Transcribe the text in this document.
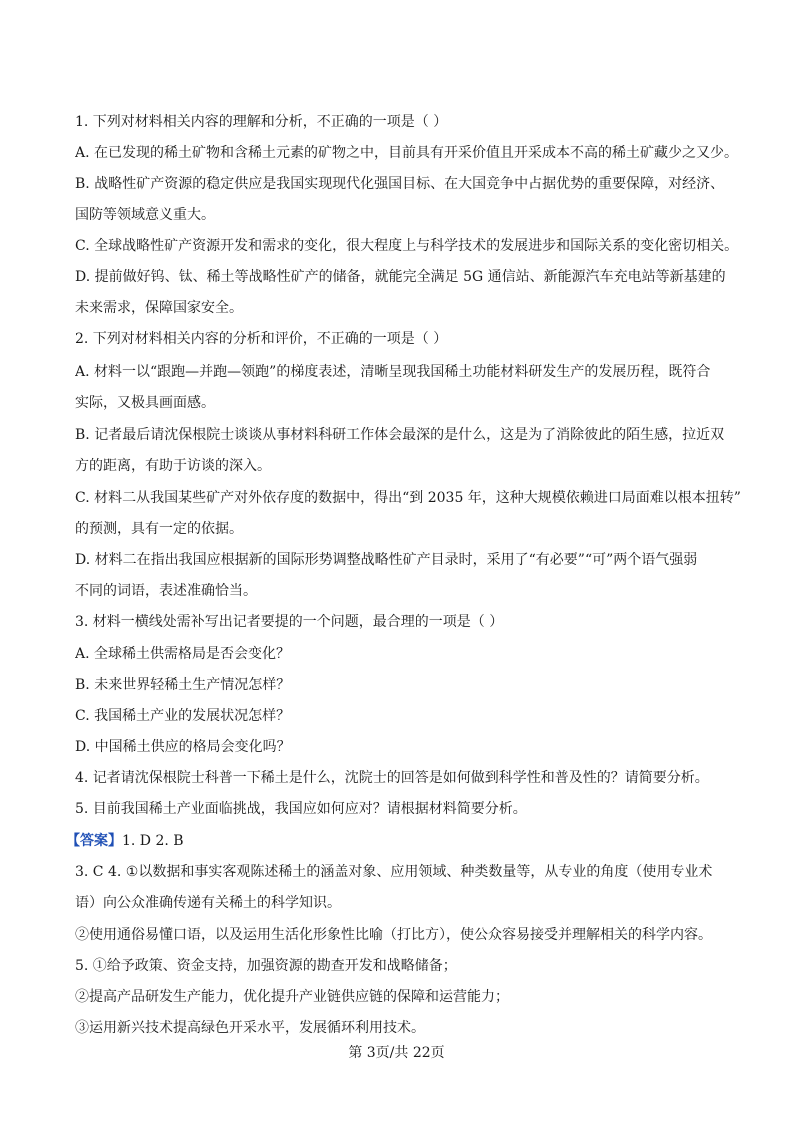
1. 下列对材料相关内容的理解和分析，不正确的一项是（ ）
A. 在已发现的稀土矿物和含稀土元素的矿物之中，目前具有开采价值且开采成本不高的稀土矿藏少之又少。
B. 战略性矿产资源的稳定供应是我国实现现代化强国目标、在大国竞争中占据优势的重要保障，对经济、
国防等领域意义重大。
C. 全球战略性矿产资源开发和需求的变化，很大程度上与科学技术的发展进步和国际关系的变化密切相关。
D. 提前做好钨、钛、稀土等战略性矿产的储备，就能完全满足 5G 通信站、新能源汽车充电站等新基建的
未来需求，保障国家安全。
2. 下列对材料相关内容的分析和评价，不正确的一项是（ ）
A. 材料一以“跟跑—并跑—领跑”的梯度表述，清晰呈现我国稀土功能材料研发生产的发展历程，既符合
实际，又极具画面感。
B. 记者最后请沈保根院士谈谈从事材料科研工作体会最深的是什么，这是为了消除彼此的陌生感，拉近双
方的距离，有助于访谈的深入。
C. 材料二从我国某些矿产对外依存度的数据中，得出“到 2035 年，这种大规模依赖进口局面难以根本扭转”
的预测，具有一定的依据。
D. 材料二在指出我国应根据新的国际形势调整战略性矿产目录时，采用了“有必要”“可”两个语气强弱
不同的词语，表述准确恰当。
3. 材料一横线处需补写出记者要提的一个问题，最合理的一项是（ ）
A. 全球稀土供需格局是否会变化？
B. 未来世界轻稀土生产情况怎样？
C. 我国稀土产业的发展状况怎样？
D. 中国稀土供应的格局会变化吗？
4. 记者请沈保根院士科普一下稀土是什么，沈院士的回答是如何做到科学性和普及性的？请简要分析。
5. 目前我国稀土产业面临挑战，我国应如何应对？请根据材料简要分析。
【答案】1. D 2. B
3. C 4. ①以数据和事实客观陈述稀土的涵盖对象、应用领域、种类数量等，从专业的角度（使用专业术
语）向公众准确传递有关稀土的科学知识。
②使用通俗易懂口语，以及运用生活化形象性比喻（打比方），使公众容易接受并理解相关的科学内容。
5. ①给予政策、资金支持，加强资源的勘查开发和战略储备；
②提高产品研发生产能力，优化提升产业链供应链的保障和运营能力；
③运用新兴技术提高绿色开采水平，发展循环利用技术。
第 3页/共 22页
